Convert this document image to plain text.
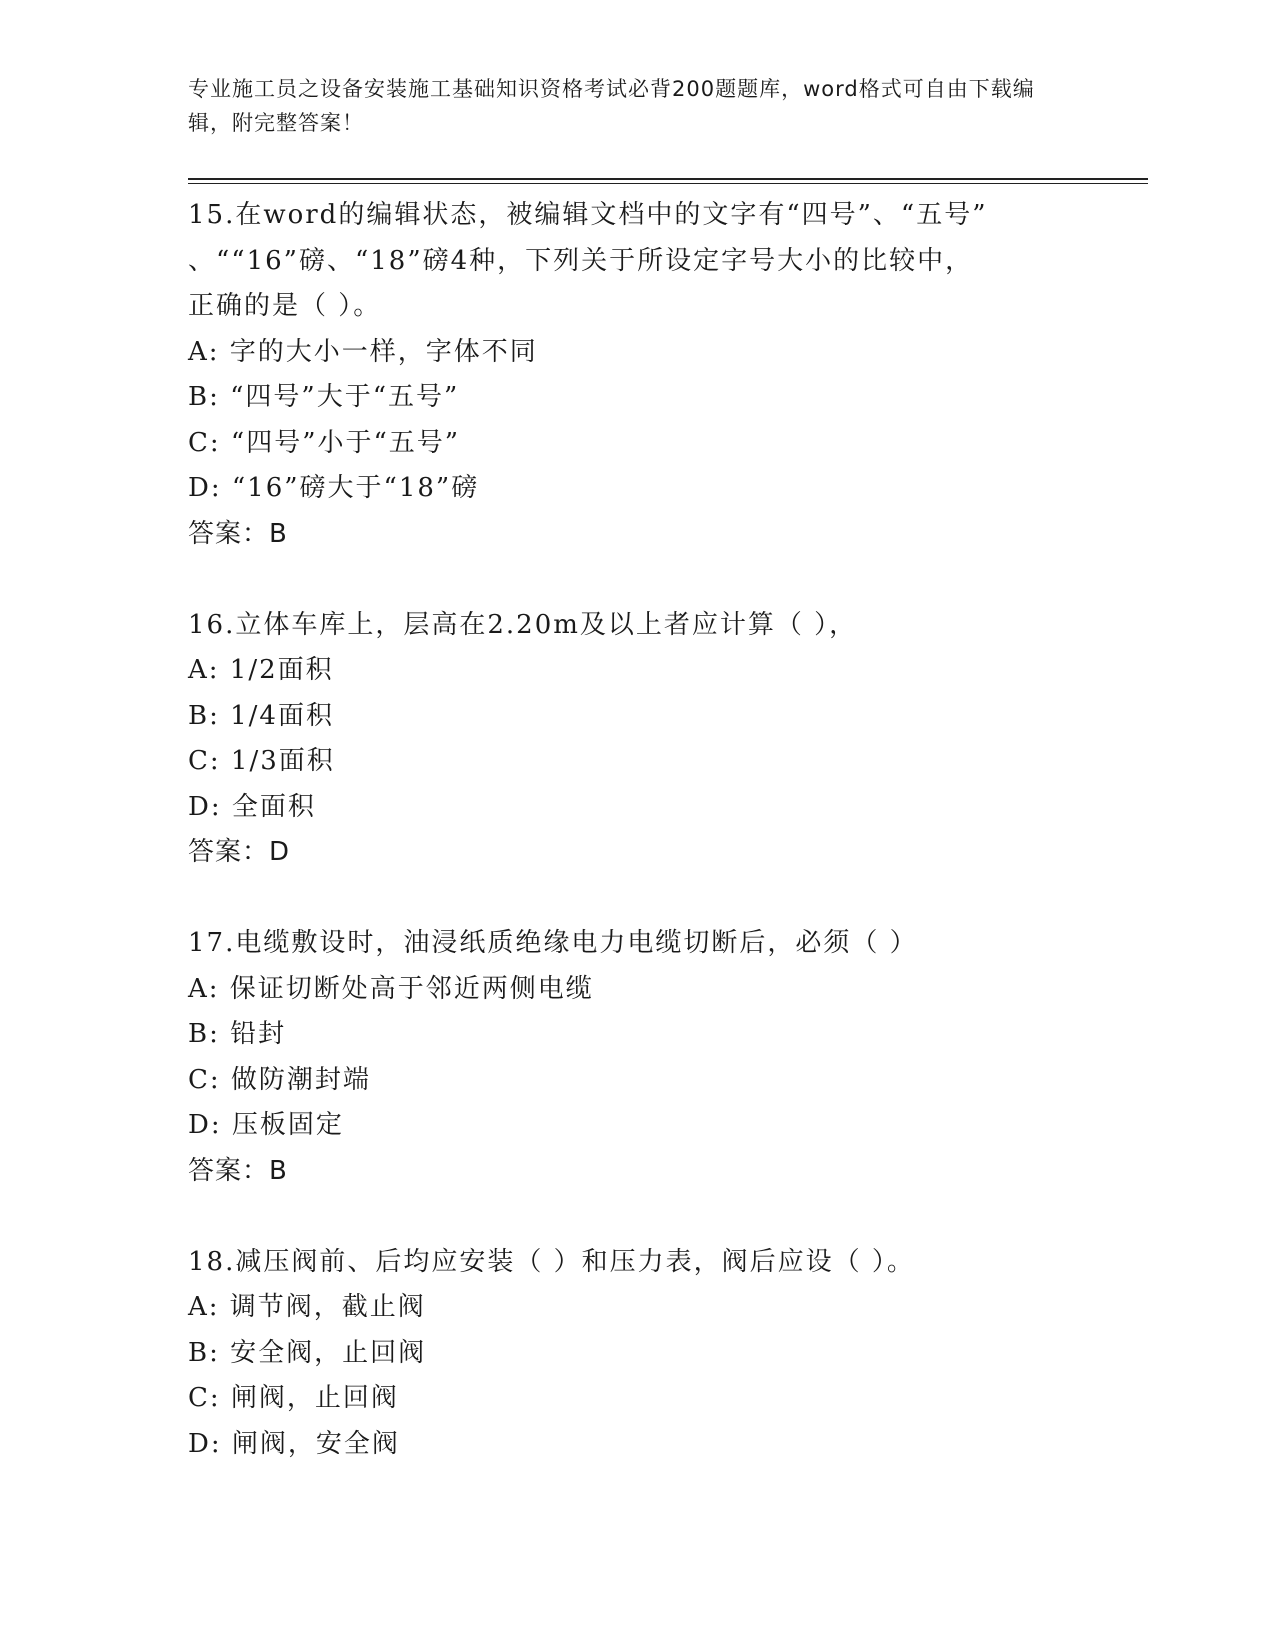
专业施工员之设备安装施工基础知识资格考试必背200题题库，word格式可自由下载编辑，附完整答案！
15.在word的编辑状态，被编辑文档中的文字有“四号”、“五号”
、““16”磅、“18”磅4种，下列关于所设定字号大小的比较中，
正确的是（ ）。
A: 字的大小一样，字体不同
B: “四号”大于“五号”
C: “四号”小于“五号”
D: “16”磅大于“18”磅
答案：B
16.立体车库上，层高在2.20m及以上者应计算（ ），
A: 1/2面积
B: 1/4面积
C: 1/3面积
D: 全面积
答案：D
17.电缆敷设时，油浸纸质绝缘电力电缆切断后，必须（ ）
A: 保证切断处高于邻近两侧电缆
B: 铅封
C: 做防潮封端
D: 压板固定
答案：B
18.减压阀前、后均应安装（ ）和压力表，阀后应设（ ）。
A: 调节阀，截止阀
B: 安全阀，止回阀
C: 闸阀，止回阀
D: 闸阀，安全阀
